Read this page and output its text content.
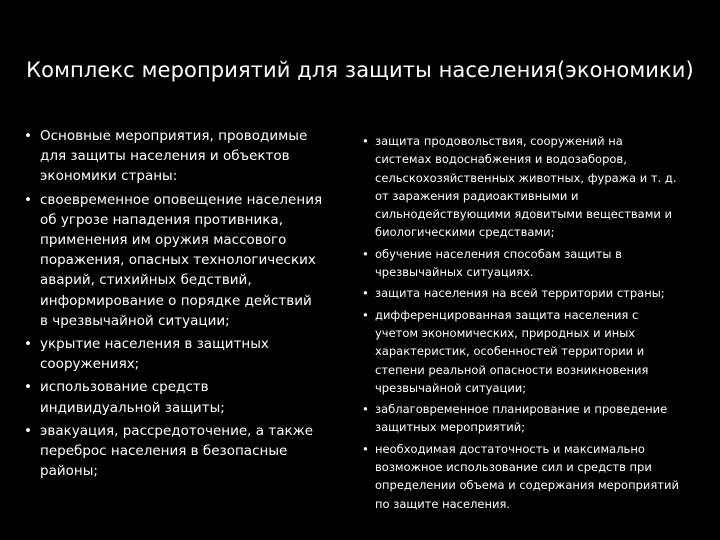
Комплекс мероприятий для защиты населения(экономики)
• Основные мероприятия, проводимые для защиты населения и объектов экономики страны:
• своевременное оповещение населения об угрозе нападения противника, применения им оружия массового поражения, опасных технологических аварий, стихийных бедствий, информирование о порядке действий в чрезвычайной ситуации;
• укрытие населения в защитных сооружениях;
• использование средств индивидуальной защиты;
• эвакуация, рассредоточение, а также переброс населения в безопасные районы;
• защита продовольствия, сооружений на системах водоснабжения и водозаборов, сельскохозяйственных животных, фуража и т. д. от заражения радиоактивными и сильнодействующими ядовитыми веществами и биологическими средствами;
• обучение населения способам защиты в чрезвычайных ситуациях.
• защита населения на всей территории страны;
• дифференцированная защита населения с учетом экономических, природных и иных характеристик, особенностей территории и степени реальной опасности возникновения чрезвычайной ситуации;
• заблаговременное планирование и проведение защитных мероприятий;
• необходимая достаточность и максимально возможное использование сил и средств при определении объема и содержания мероприятий по защите населения.
